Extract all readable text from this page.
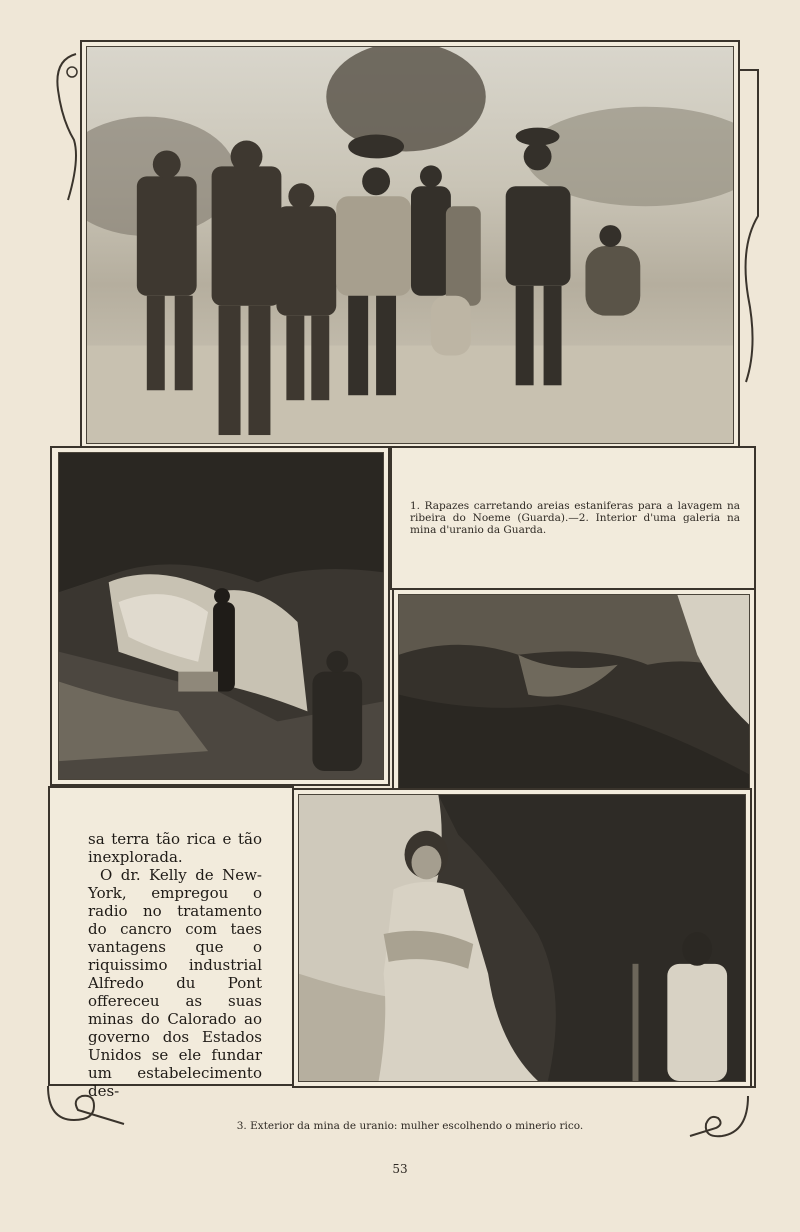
1. Rapazes carretando areias estaniferas para a lavagem na ribeira do Noeme (Guarda).—2. Interior d'uma galeria na mina d'uranio da Guarda.

sa terra tão rica e tão inexplorada.

O dr. Kelly de New-York, empregou o radio no tratamento do cancro com taes vantagens que o riquissimo industrial Alfredo du Pont offereceu as suas minas do Calorado ao governo dos Estados Unidos se ele fundar um estabelecimento des-

3. Exterior da mina de uranio: mulher escolhendo o minerio rico.
53
